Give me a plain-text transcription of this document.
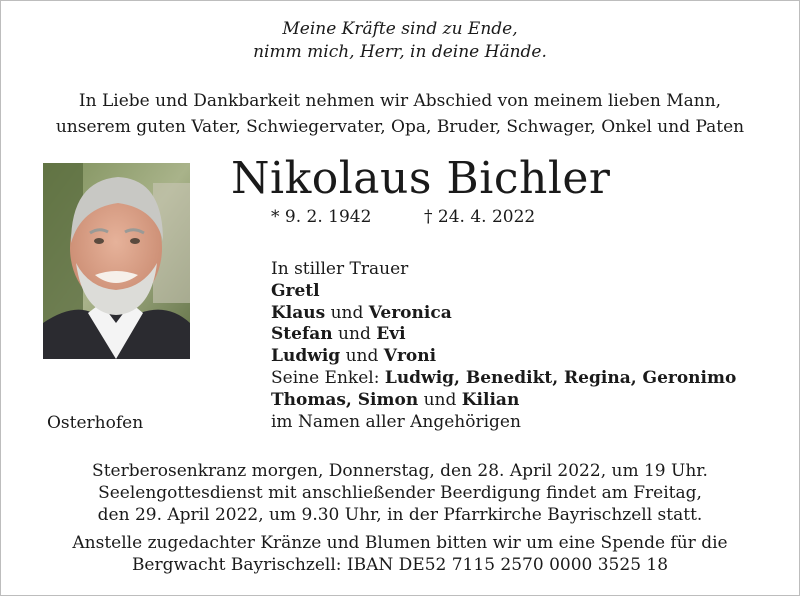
Meine Kräfte sind zu Ende,
nimm mich, Herr, in deine Hände.
In Liebe und Dankbarkeit nehmen wir Abschied von meinem lieben Mann,
unserem guten Vater, Schwiegervater, Opa, Bruder, Schwager, Onkel und Paten
Nikolaus Bichler
* 9. 2. 1942	† 24. 4. 2022
In stiller Trauer
Gretl
Klaus und Veronica
Stefan und Evi
Ludwig und Vroni
Seine Enkel: Ludwig, Benedikt, Regina, Geronimo
Thomas, Simon und Kilian
im Namen aller Angehörigen
Osterhofen
Sterberosenkranz morgen, Donnerstag, den 28. April 2022, um 19 Uhr.
Seelengottesdienst mit anschließender Beerdigung findet am Freitag,
den 29. April 2022, um 9.30 Uhr, in der Pfarrkirche Bayrischzell statt.
Anstelle zugedachter Kränze und Blumen bitten wir um eine Spende für die
Bergwacht Bayrischzell: IBAN DE52 7115 2570 0000 3525 18
